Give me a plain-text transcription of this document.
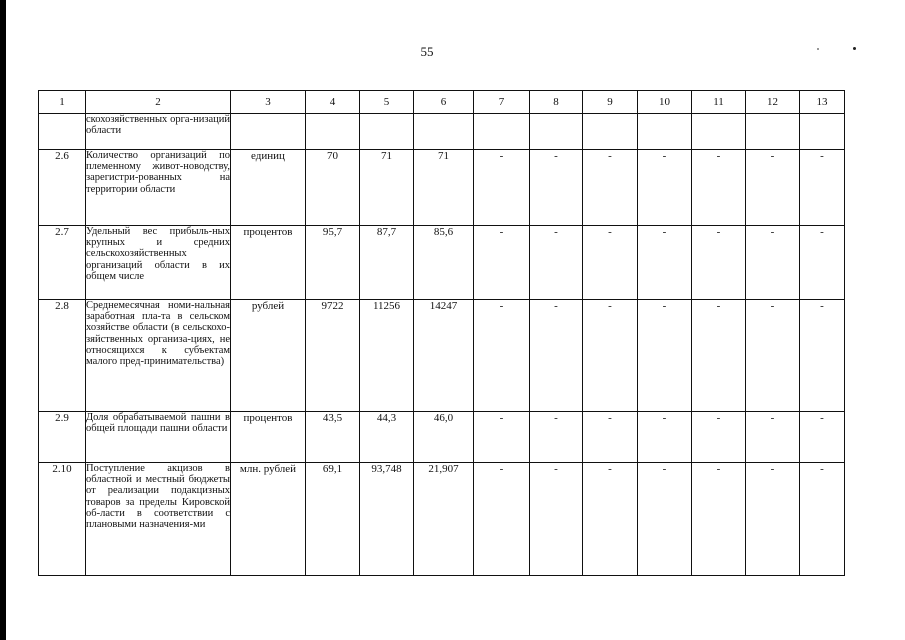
55
1	2	3	4	5	6	7	8	9	10	11	12	13
	скохозяйственных орга-низаций области											
2.6	Количество организаций по племенному живот-новодству, зарегистри-рованных на территории области	единиц	70	71	71	-	-	-	-	-	-	-
2.7	Удельный вес прибыль-ных крупных и средних сельскохозяйственных организаций области в их общем числе	процентов	95,7	87,7	85,6	-	-	-	-	-	-	-
2.8	Среднемесячная номи-нальная заработная пла-та в сельском хозяйстве области (в сельскохо-зяйственных организа-циях, не относящихся к субъектам малого пред-принимательства)	рублей	9722	11256	14247	-	-	-	-	-	-	-
2.9	Доля обрабатываемой пашни в общей площади пашни области	процентов	43,5	44,3	46,0	-	-	-	-	-	-	-
2.10	Поступление акцизов в областной и местный бюджеты от реализации подакцизных товаров за пределы Кировской об-ласти в соответствии с плановыми назначения-ми	млн. рублей	69,1	93,748	21,907	-	-	-	-	-	-	-
